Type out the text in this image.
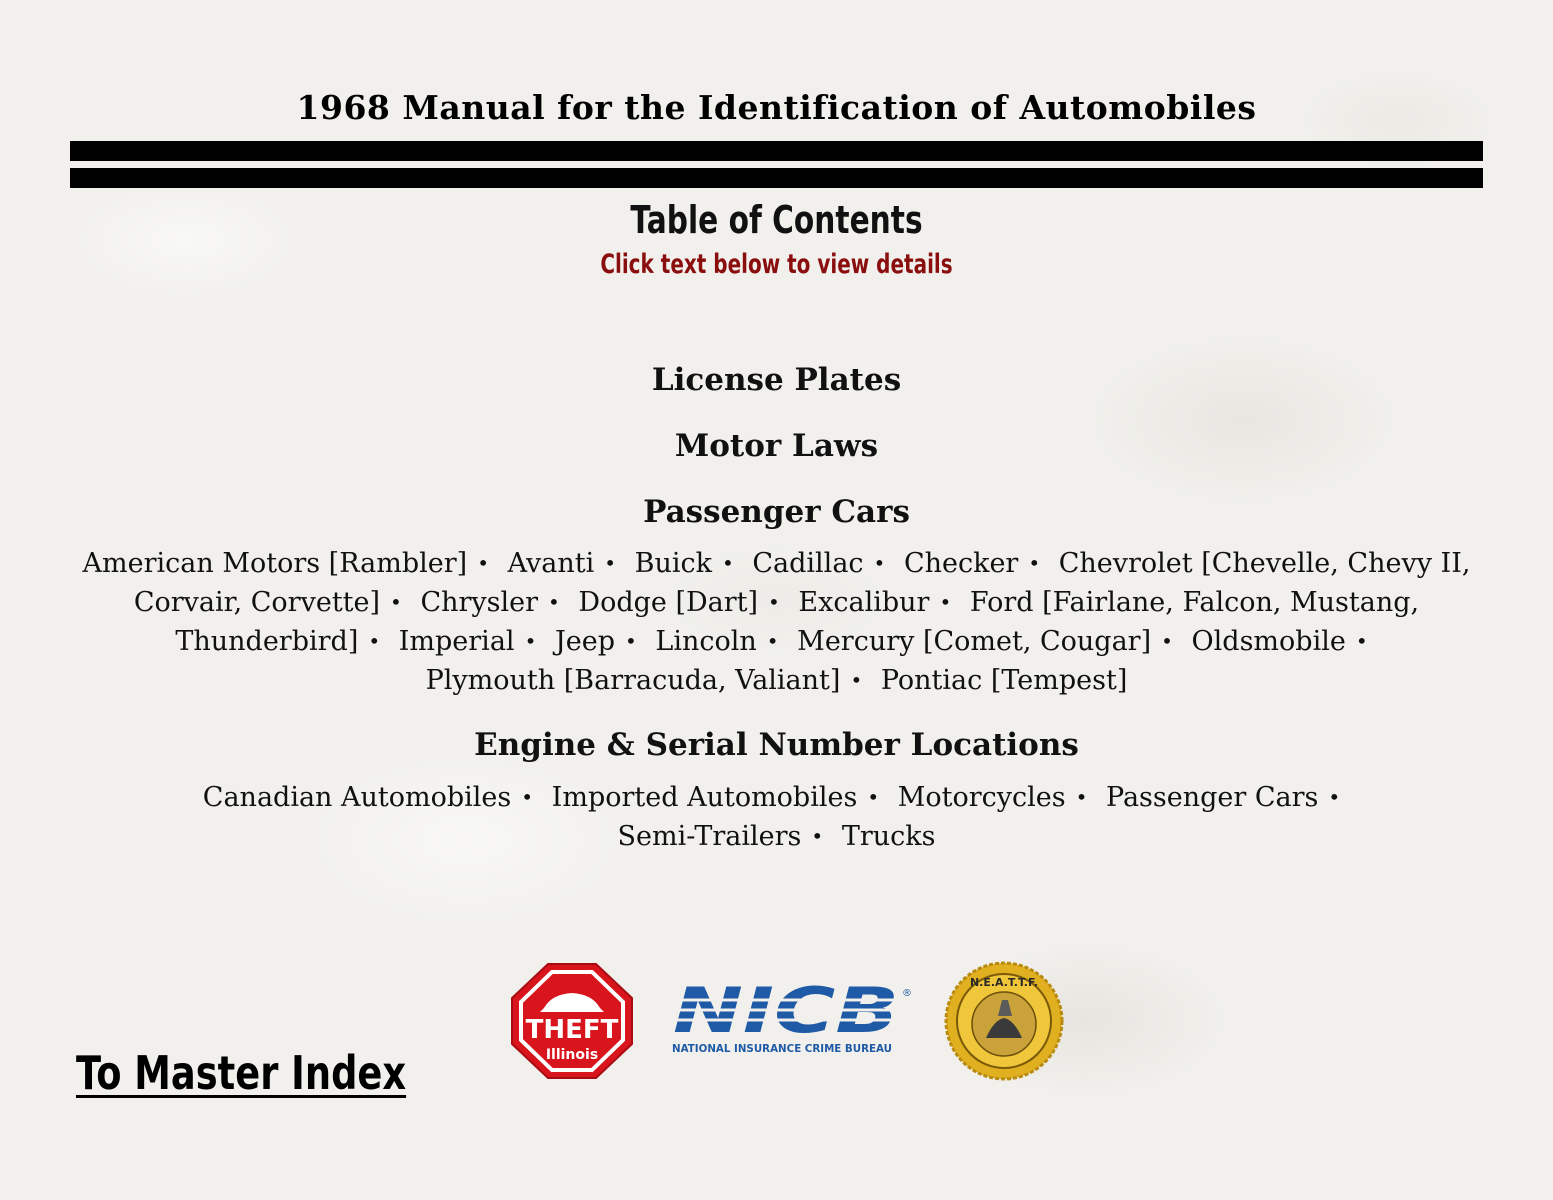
1968 Manual for the Identification of Automobiles
Table of Contents
Click text below to view details
License Plates
Motor Laws
Passenger Cars
American Motors [Rambler] • Avanti • Buick • Cadillac • Checker • Chevrolet [Chevelle, Chevy II, Corvair, Corvette] • Chrysler • Dodge [Dart] • Excalibur • Ford [Fairlane, Falcon, Mustang, Thunderbird] • Imperial • Jeep • Lincoln • Mercury [Comet, Cougar] • Oldsmobile • Plymouth [Barracuda, Valiant] • Pontiac [Tempest]
Engine & Serial Number Locations
Canadian Automobiles • Imported Automobiles • Motorcycles • Passenger Cars • Semi-Trailers • Trucks
THEFT
Illinois
NICB ®
NATIONAL INSURANCE CRIME BUREAU
N.E.A.T.T.F.
To Master Index
